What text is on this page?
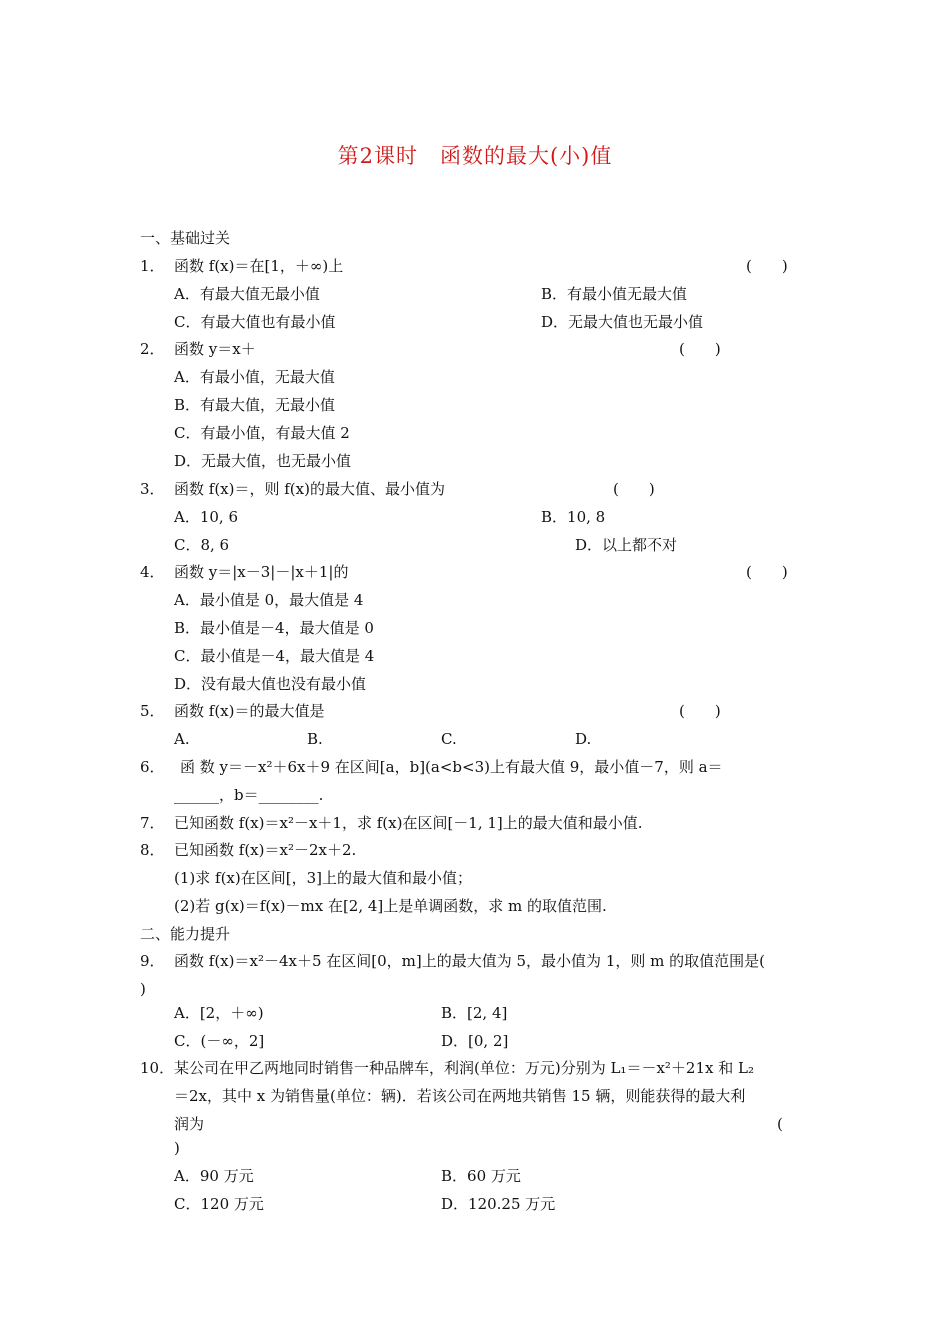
第2课时　函数的最大(小)值
一、基础过关
1． 函数 f(x)＝在[1，＋∞)上	(　　)
A．有最大值无最小值	B．有最小值无最大值
C．有最大值也有最小值	D．无最大值也无最小值
2． 函数 y＝x＋	(　　)
A．有最小值，无最大值
B．有最大值，无最小值
C．有最小值，有最大值 2
D．无最大值，也无最小值
3． 函数 f(x)＝，则 f(x)的最大值、最小值为	(　　)
A．10, 6	B．10, 8
C．8, 6	D．以上都不对
4． 函数 y＝|x－3|－|x＋1|的	(　　)
A．最小值是 0，最大值是 4
B．最小值是－4，最大值是 0
C．最小值是－4，最大值是 4
D．没有最大值也没有最小值
5． 函数 f(x)＝的最大值是	(　　)
A.	B.	C.	D.
6． 函 数 y＝－x²＋6x＋9 在区间[a，b](a<b<3)上有最大值 9，最小值－7，则 a＝
______，b＝________.
7． 已知函数 f(x)＝x²－x＋1，求 f(x)在区间[－1, 1]上的最大值和最小值.
8． 已知函数 f(x)＝x²－2x＋2.
(1)求 f(x)在区间[，3]上的最大值和最小值；
(2)若 g(x)＝f(x)－mx 在[2, 4]上是单调函数，求 m 的取值范围.
二、能力提升
9． 函数 f(x)＝x²－4x＋5 在区间[0，m]上的最大值为 5，最小值为 1，则 m 的取值范围是(
)
A．[2，＋∞)	B．[2, 4]
C．(－∞，2]	D．[0, 2]
10． 某公司在甲乙两地同时销售一种品牌车，利润(单位：万元)分别为 L₁＝－x²＋21x 和 L₂
＝2x，其中 x 为销售量(单位：辆)．若该公司在两地共销售 15 辆，则能获得的最大利
润为	(
)
A．90 万元	B．60 万元
C．120 万元	D．120.25 万元
